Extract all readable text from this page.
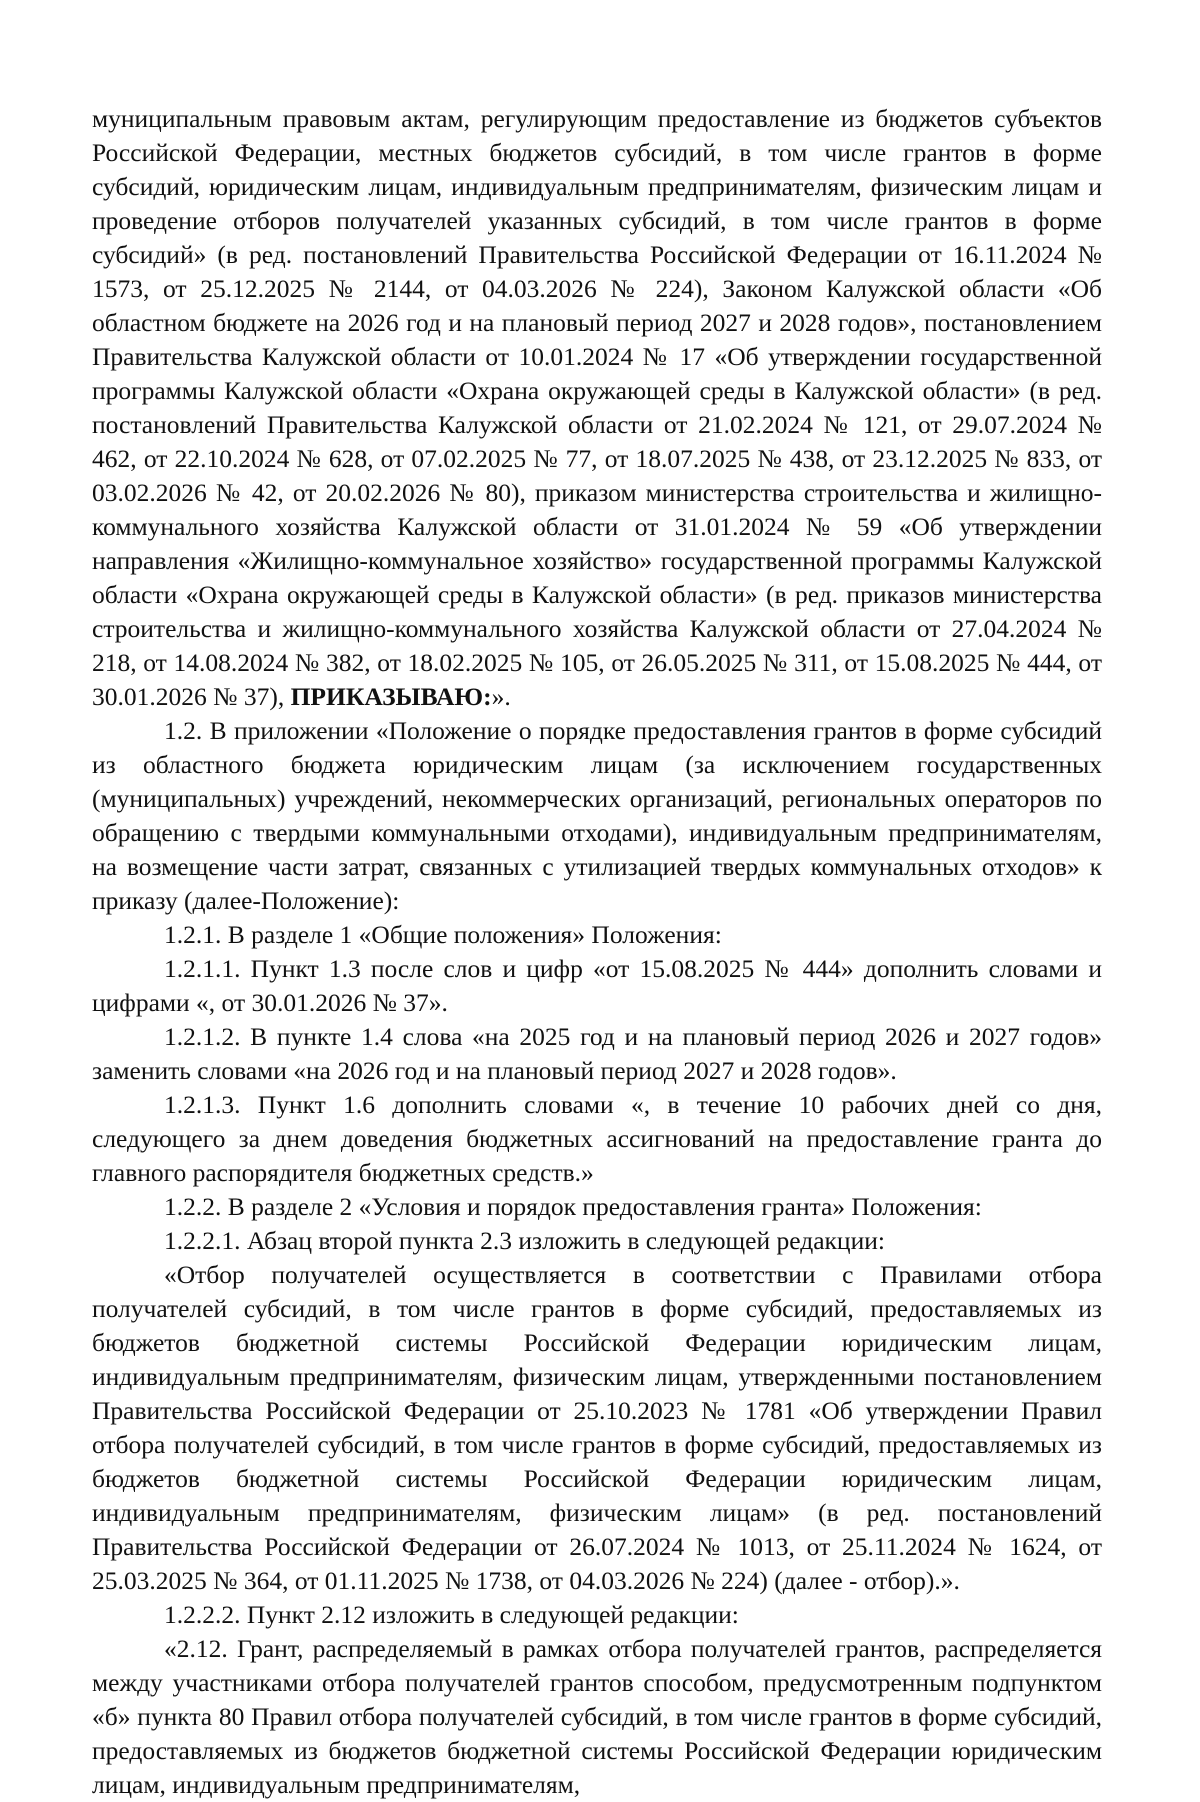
муниципальным правовым актам, регулирующим предоставление из бюджетов субъектов Российской Федерации, местных бюджетов субсидий, в том числе грантов в форме субсидий, юридическим лицам, индивидуальным предпринимателям, физическим лицам и проведение отборов получателей указанных субсидий, в том числе грантов в форме субсидий» (в ред. постановлений Правительства Российской Федерации от 16.11.2024 № 1573, от 25.12.2025 № 2144, от 04.03.2026 № 224), Законом Калужской области «Об областном бюджете на 2026 год и на плановый период 2027 и 2028 годов», постановлением Правительства Калужской области от 10.01.2024 № 17 «Об утверждении государственной программы Калужской области «Охрана окружающей среды в Калужской области» (в ред. постановлений Правительства Калужской области от 21.02.2024 № 121, от 29.07.2024 № 462, от 22.10.2024 № 628, от 07.02.2025 № 77, от 18.07.2025 № 438, от 23.12.2025 № 833, от 03.02.2026 № 42, от 20.02.2026 № 80), приказом министерства строительства и жилищно-коммунального хозяйства Калужской области от 31.01.2024 № 59 «Об утверждении направления «Жилищно-коммунальное хозяйство» государственной программы Калужской области «Охрана окружающей среды в Калужской области» (в ред. приказов министерства строительства и жилищно-коммунального хозяйства Калужской области от 27.04.2024 № 218, от 14.08.2024 № 382, от 18.02.2025 № 105, от 26.05.2025 № 311, от 15.08.2025 № 444, от 30.01.2026 № 37), ПРИКАЗЫВАЮ:».

1.2. В приложении «Положение о порядке предоставления грантов в форме субсидий из областного бюджета юридическим лицам (за исключением государственных (муниципальных) учреждений, некоммерческих организаций, региональных операторов по обращению с твердыми коммунальными отходами), индивидуальным предпринимателям, на возмещение части затрат, связанных с утилизацией твердых коммунальных отходов» к приказу (далее-Положение):

1.2.1. В разделе 1 «Общие положения» Положения:

1.2.1.1. Пункт 1.3 после слов и цифр «от 15.08.2025 № 444» дополнить словами и цифрами «, от 30.01.2026 № 37».

1.2.1.2. В пункте 1.4 слова «на 2025 год и на плановый период 2026 и 2027 годов» заменить словами «на 2026 год и на плановый период 2027 и 2028 годов».

1.2.1.3. Пункт 1.6 дополнить словами «, в течение 10 рабочих дней со дня, следующего за днем доведения бюджетных ассигнований на предоставление гранта до главного распорядителя бюджетных средств.»

1.2.2. В разделе 2 «Условия и порядок предоставления гранта» Положения:

1.2.2.1. Абзац второй пункта 2.3 изложить в следующей редакции:

«Отбор получателей осуществляется в соответствии с Правилами отбора получателей субсидий, в том числе грантов в форме субсидий, предоставляемых из бюджетов бюджетной системы Российской Федерации юридическим лицам, индивидуальным предпринимателям, физическим лицам, утвержденными постановлением Правительства Российской Федерации от 25.10.2023 № 1781 «Об утверждении Правил отбора получателей субсидий, в том числе грантов в форме субсидий, предоставляемых из бюджетов бюджетной системы Российской Федерации юридическим лицам, индивидуальным предпринимателям, физическим лицам» (в ред. постановлений Правительства Российской Федерации от 26.07.2024 № 1013, от 25.11.2024 № 1624, от 25.03.2025 № 364, от 01.11.2025 № 1738, от 04.03.2026 № 224) (далее - отбор).».

1.2.2.2. Пункт 2.12 изложить в следующей редакции:

«2.12. Грант, распределяемый в рамках отбора получателей грантов, распределяется между участниками отбора получателей грантов способом, предусмотренным подпунктом «б» пункта 80 Правил отбора получателей субсидий, в том числе грантов в форме субсидий, предоставляемых из бюджетов бюджетной системы Российской Федерации юридическим лицам, индивидуальным предпринимателям,
